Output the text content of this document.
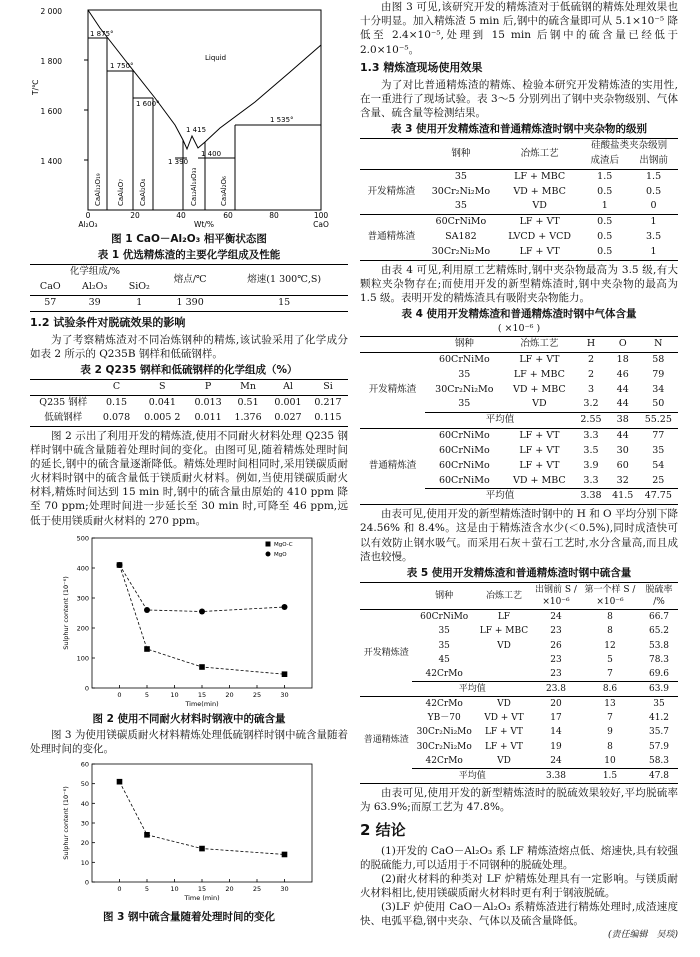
T/℃
2 000
1 800
1 600
1 400
0	20	40	60	80	100
Al₂O₃	Wt/%	CaO
Liquid
1 875°
1 750°
1 600°
1 390
1 415
1 400
1 535°
CaAl₁₂O₁₉ CaAl₄O₇ CaAl₂O₄	Ca₁₂Al₁₄O₃₃	Ca₃Al₂O₆
图 1 CaO－Al₂O₃ 相平衡状态图
表 1 优选精炼渣的主要化学组成及性能
化学组成/%			熔点/℃	熔速(1 300℃,S)
CaO	Al₂O₃	SiO₂		
57	39	1	1 390	15
1.2 试验条件对脱硫效果的影响

为了考察精炼渣对不同冶炼钢种的精炼,该试验采用了化学成分如表 2 所示的 Q235B 钢样和低硫钢样。

表 2 Q235 钢样和低硫钢样的化学组成（%）
	C	S	P	Mn	Al	Si
Q235 钢样	0.15	0.041	0.013	0.51	0.001	0.217
低硫钢样	0.078	0.005 2	0.011	1.376	0.027	0.115

图 2 示出了利用开发的精炼渣,使用不同耐火材料处理 Q235 钢样时钢中硫含量随着处理时间的变化。由图可见,随着精炼处理时间的延长,钢中的硫含量逐渐降低。精炼处理时间相同时,采用镁碳质耐火材料时钢中的硫含量低于镁质耐火材料。例如,当使用镁碳质耐火材料,精炼时间达到 15 min 时,钢中的硫含量由原始的 410 ppm 降至 70 ppm;处理时间进一步延长至 30 min 时,可降至 46 ppm,远低于使用镁质耐火材料的 270 ppm。

0
100
200
300
400
500
0	5	10	15	20	25	30
Time(min)
Sulphur content (10⁻⁶)
MgO-C
MgO
图 2 使用不同耐火材料时钢液中的硫含量

图 3 为使用镁碳质耐火材料精炼处理低硫钢样时钢中硫含量随着处理时间的变化。

0
10
20
30
40
50
60
0	5	10	15	20	25	30
Time (min)
Sulphur content (10⁻⁶)
图 3 钢中硫含量随着处理时间的变化

由图 3 可见,该研究开发的精炼渣对于低硫钢的精炼处理效果也十分明显。加入精炼渣 5 min 后,钢中的硫含量即可从 5.1×10⁻⁵ 降低至 2.4×10⁻⁵,处理到 15 min 后钢中的硫含量已经低于 2.0×10⁻⁵。

1.3 精炼渣现场使用效果

为了对比普通精炼渣的精炼、检验本研究开发精炼渣的实用性,在一重进行了现场试验。表 3～5 分别列出了钢中夹杂物级别、气体含量、硫含量等检测结果。

表 3 使用开发精炼渣和普通精炼渣时钢中夹杂物的级别
	钢种	冶炼工艺	硅酸盐类夹杂级别	
			成渣后	出钢前
开发精炼渣	35	LF + MBC	1.5	1.5
	30Cr₂Ni₂Mo	VD + MBC	0.5	0.5
	35	VD	1	0
普通精炼渣	60CrNiMo	LF + VT	0.5	1
	SA182	LVCD + VCD	0.5	3.5
	30Cr₂Ni₂Mo	LF + VT	0.5	1

由表 4 可见,利用原工艺精炼时,钢中夹杂物最高为 3.5 级,有大颗粒夹杂物存在;而使用开发的新型精炼渣时,钢中夹杂物的最高为 1.5 级。表明开发的精炼渣具有吸附夹杂物能力。

表 4 使用开发精炼渣和普通精炼渣时钢中气体含量
( ×10⁻⁶ )
	钢种	冶炼工艺	H	O	N
开发精炼渣	60CrNiMo	LF + VT	2	18	58
	35	LF + MBC	2	46	79
	30Cr₂Ni₂Mo	VD + MBC	3	44	34
	35	VD	3.2	44	50
	平均值		2.55	38	55.25
普通精炼渣	60CrNiMo	LF + VT	3.3	44	77
	60CrNiMo	LF + VT	3.5	30	35
	60CrNiMo	LF + VT	3.9	60	54
	60CrNiMo	VD + MBC	3.3	32	25
	平均值		3.38	41.5	47.75

由表可见,使用开发的新型精炼渣时钢中的 H 和 O 平均分别下降 24.56% 和 8.4%。这是由于精炼渣含水少(＜0.5%),同时成渣快可以有效防止钢水吸气。而采用石灰＋萤石工艺时,水分含量高,而且成渣也较慢。

表 5 使用开发精炼渣和普通精炼渣时钢中硫含量
	钢种	冶炼工艺	出钢前 S /×10⁻⁶	第一个样 S /×10⁻⁶	脱硫率 /%
开发精炼渣	60CrNiMo	LF	24	8	66.7
	35	LF + MBC	23	8	65.2
	35	VD	26	12	53.8
	45		23	5	78.3
	42CrMo		23	7	69.6
	平均值		23.8	8.6	63.9
普通精炼渣	42CrMo	VD	20	13	35
	YB－70	VD + VT	17	7	41.2
	30Cr₂Ni₂Mo	LF + VT	14	9	35.7
	30Cr₂Ni₂Mo	LF + VT	19	8	57.9
	42CrMo	VD	24	10	58.3
	平均值		3.38	1.5	47.8

由表可见,使用开发的新型精炼渣时的脱硫效果较好,平均脱硫率为 63.9%;而原工艺为 47.8%。

2 结论

(1)开发的 CaO－Al₂O₃ 系 LF 精炼渣熔点低、熔速快,具有较强的脱硫能力,可以适用于不同钢种的脱硫处理。

(2)耐火材料的种类对 LF 炉精炼处理具有一定影响。与镁质耐火材料相比,使用镁碳质耐火材料时更有利于钢液脱硫。

(3)LF 炉使用 CaO－Al₂O₃ 系精炼渣进行精炼处理时,成渣速度快、电弧平稳,钢中夹杂、气体以及硫含量降低。

(责任编辑　吴琰)
